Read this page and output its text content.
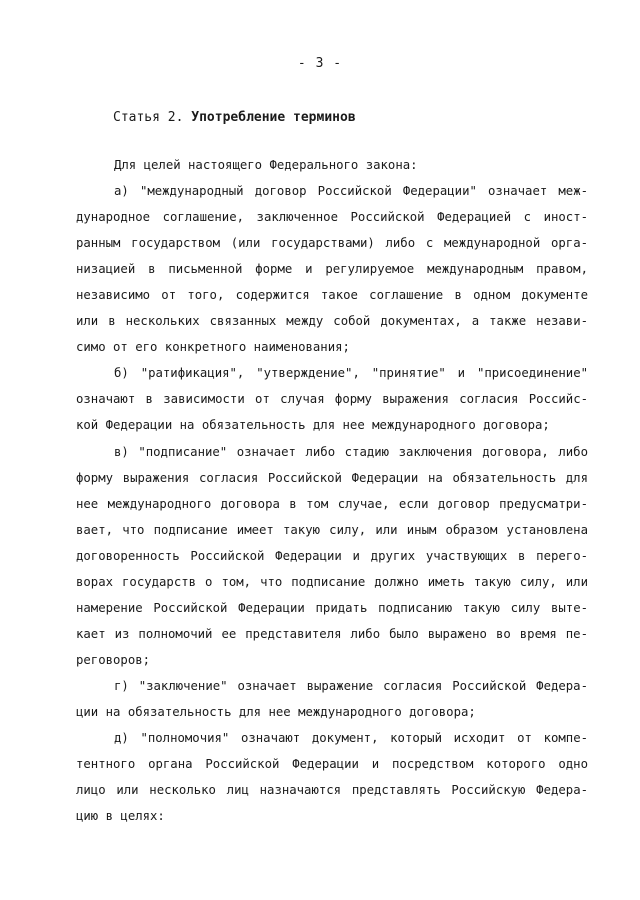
- 3 -
Статья 2. Употребление терминов
Для целей настоящего Федерального закона:
а) "международный договор Российской Федерации" означает меж-
дународное соглашение, заключенное Российской Федерацией с иност-
ранным государством (или государствами) либо с международной орга-
низацией в письменной форме и регулируемое международным правом,
независимо от того, содержится такое соглашение в одном документе
или в нескольких связанных между собой документах, а также незави-
симо от его конкретного наименования;
б) "ратификация", "утверждение", "принятие" и "присоединение"
означают в зависимости от случая форму выражения согласия Российс-
кой Федерации на обязательность для нее международного договора;
в) "подписание" означает либо стадию заключения договора, либо
форму выражения согласия Российской Федерации на обязательность для
нее международного договора в том случае, если договор предусматри-
вает, что подписание имеет такую силу, или иным образом установлена
договоренность Российской Федерации и других участвующих в перего-
ворах государств о том, что подписание должно иметь такую силу, или
намерение Российской Федерации придать подписанию такую силу выте-
кает из полномочий ее представителя либо было выражено во время пе-
реговоров;
г) "заключение" означает выражение согласия Российской Федера-
ции на обязательность для нее международного договора;
д) "полномочия" означают документ, который исходит от компе-
тентного органа Российской Федерации и посредством которого одно
лицо или несколько лиц назначаются представлять Российскую Федера-
цию в целях:
